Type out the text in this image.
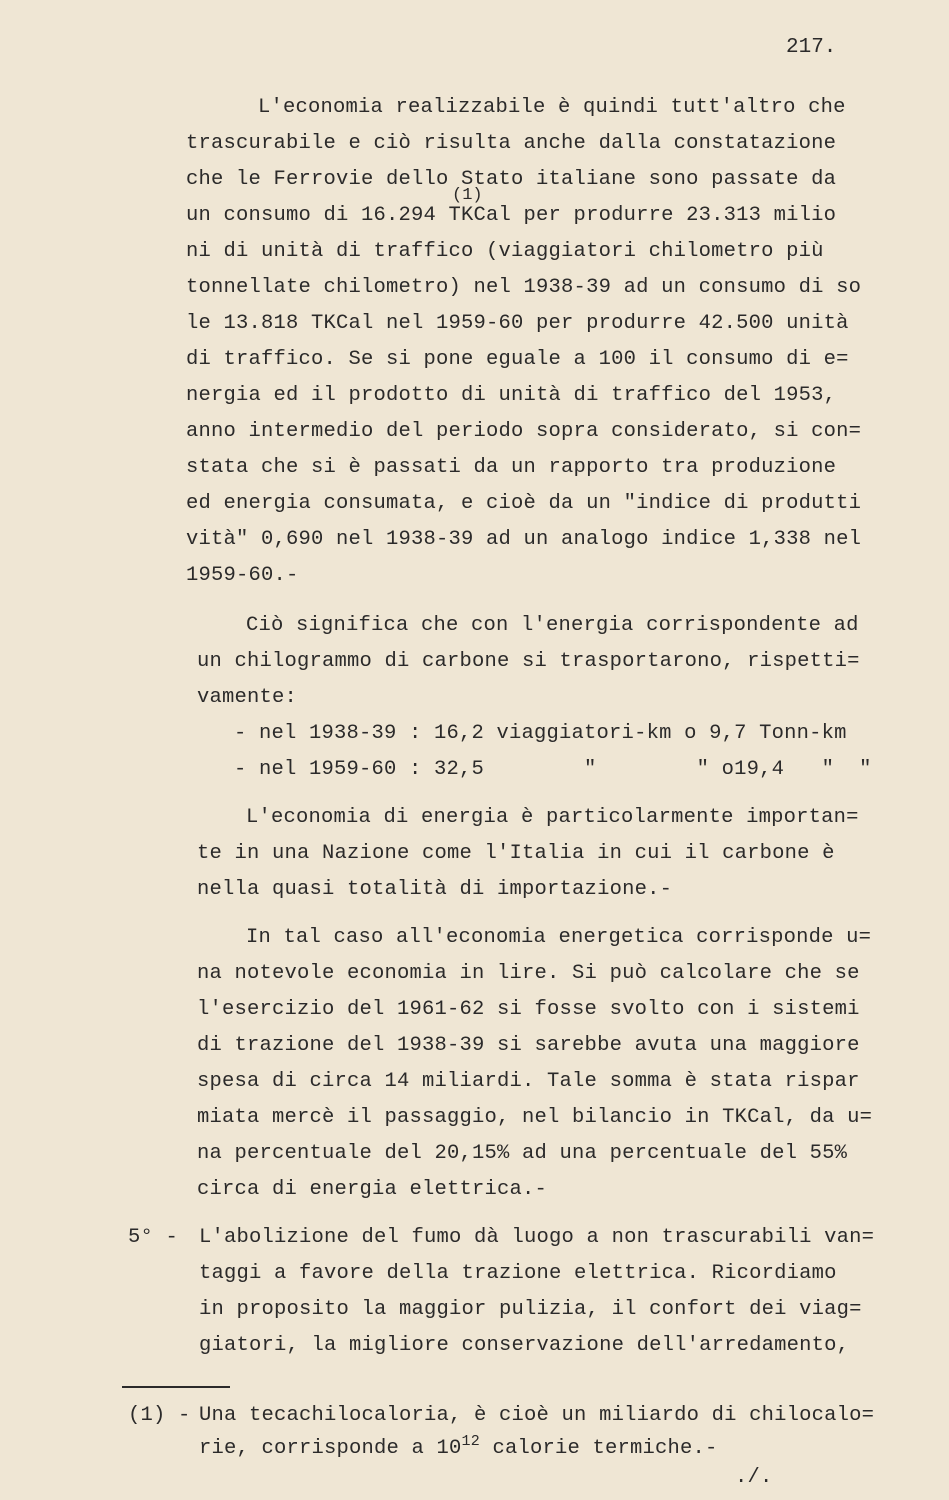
217.
L'economia realizzabile è quindi tutt'altro che
trascurabile e ciò risulta anche dalla constatazione
che le Ferrovie dello Stato italiane sono passate da
(1)
un consumo di 16.294 TKCal per produrre 23.313 milio
ni di unità di traffico (viaggiatori chilometro più
tonnellate chilometro) nel 1938-39 ad un consumo di so
le 13.818 TKCal nel 1959-60 per produrre 42.500 unità
di traffico. Se si pone eguale a 100 il consumo di e=
nergia ed il prodotto di unità di traffico del 1953,
anno intermedio del periodo sopra considerato, si con=
stata che si è passati da un rapporto tra produzione
ed energia consumata, e cioè da un "indice di produtti
vità" 0,690 nel 1938-39 ad un analogo indice 1,338 nel
1959-60.-
Ciò significa che con l'energia corrispondente ad
un chilogrammo di carbone si trasportarono, rispetti=
vamente:
- nel 1938-39 : 16,2 viaggiatori-km o 9,7 Tonn-km
- nel 1959-60 : 32,5        "        " o19,4   "  "
L'economia di energia è particolarmente importan=
te in una Nazione come l'Italia in cui il carbone è
nella quasi totalità di importazione.-
In tal caso all'economia energetica corrisponde u=
na notevole economia in lire. Si può calcolare che se
l'esercizio del 1961-62 si fosse svolto con i sistemi
di trazione del 1938-39 si sarebbe avuta una maggiore
spesa di circa 14 miliardi. Tale somma è stata rispar
miata mercè il passaggio, nel bilancio in TKCal, da u=
na percentuale del 20,15% ad una percentuale del 55%
circa di energia elettrica.-
5° - L'abolizione del fumo dà luogo a non trascurabili van=
taggi a favore della trazione elettrica. Ricordiamo
in proposito la maggior pulizia, il confort dei viag=
giatori, la migliore conservazione dell'arredamento,
(1) - Una tecachilocaloria, è cioè un miliardo di chilocalo=
rie, corrisponde a $10^{12}$ calorie termiche.-
./.
